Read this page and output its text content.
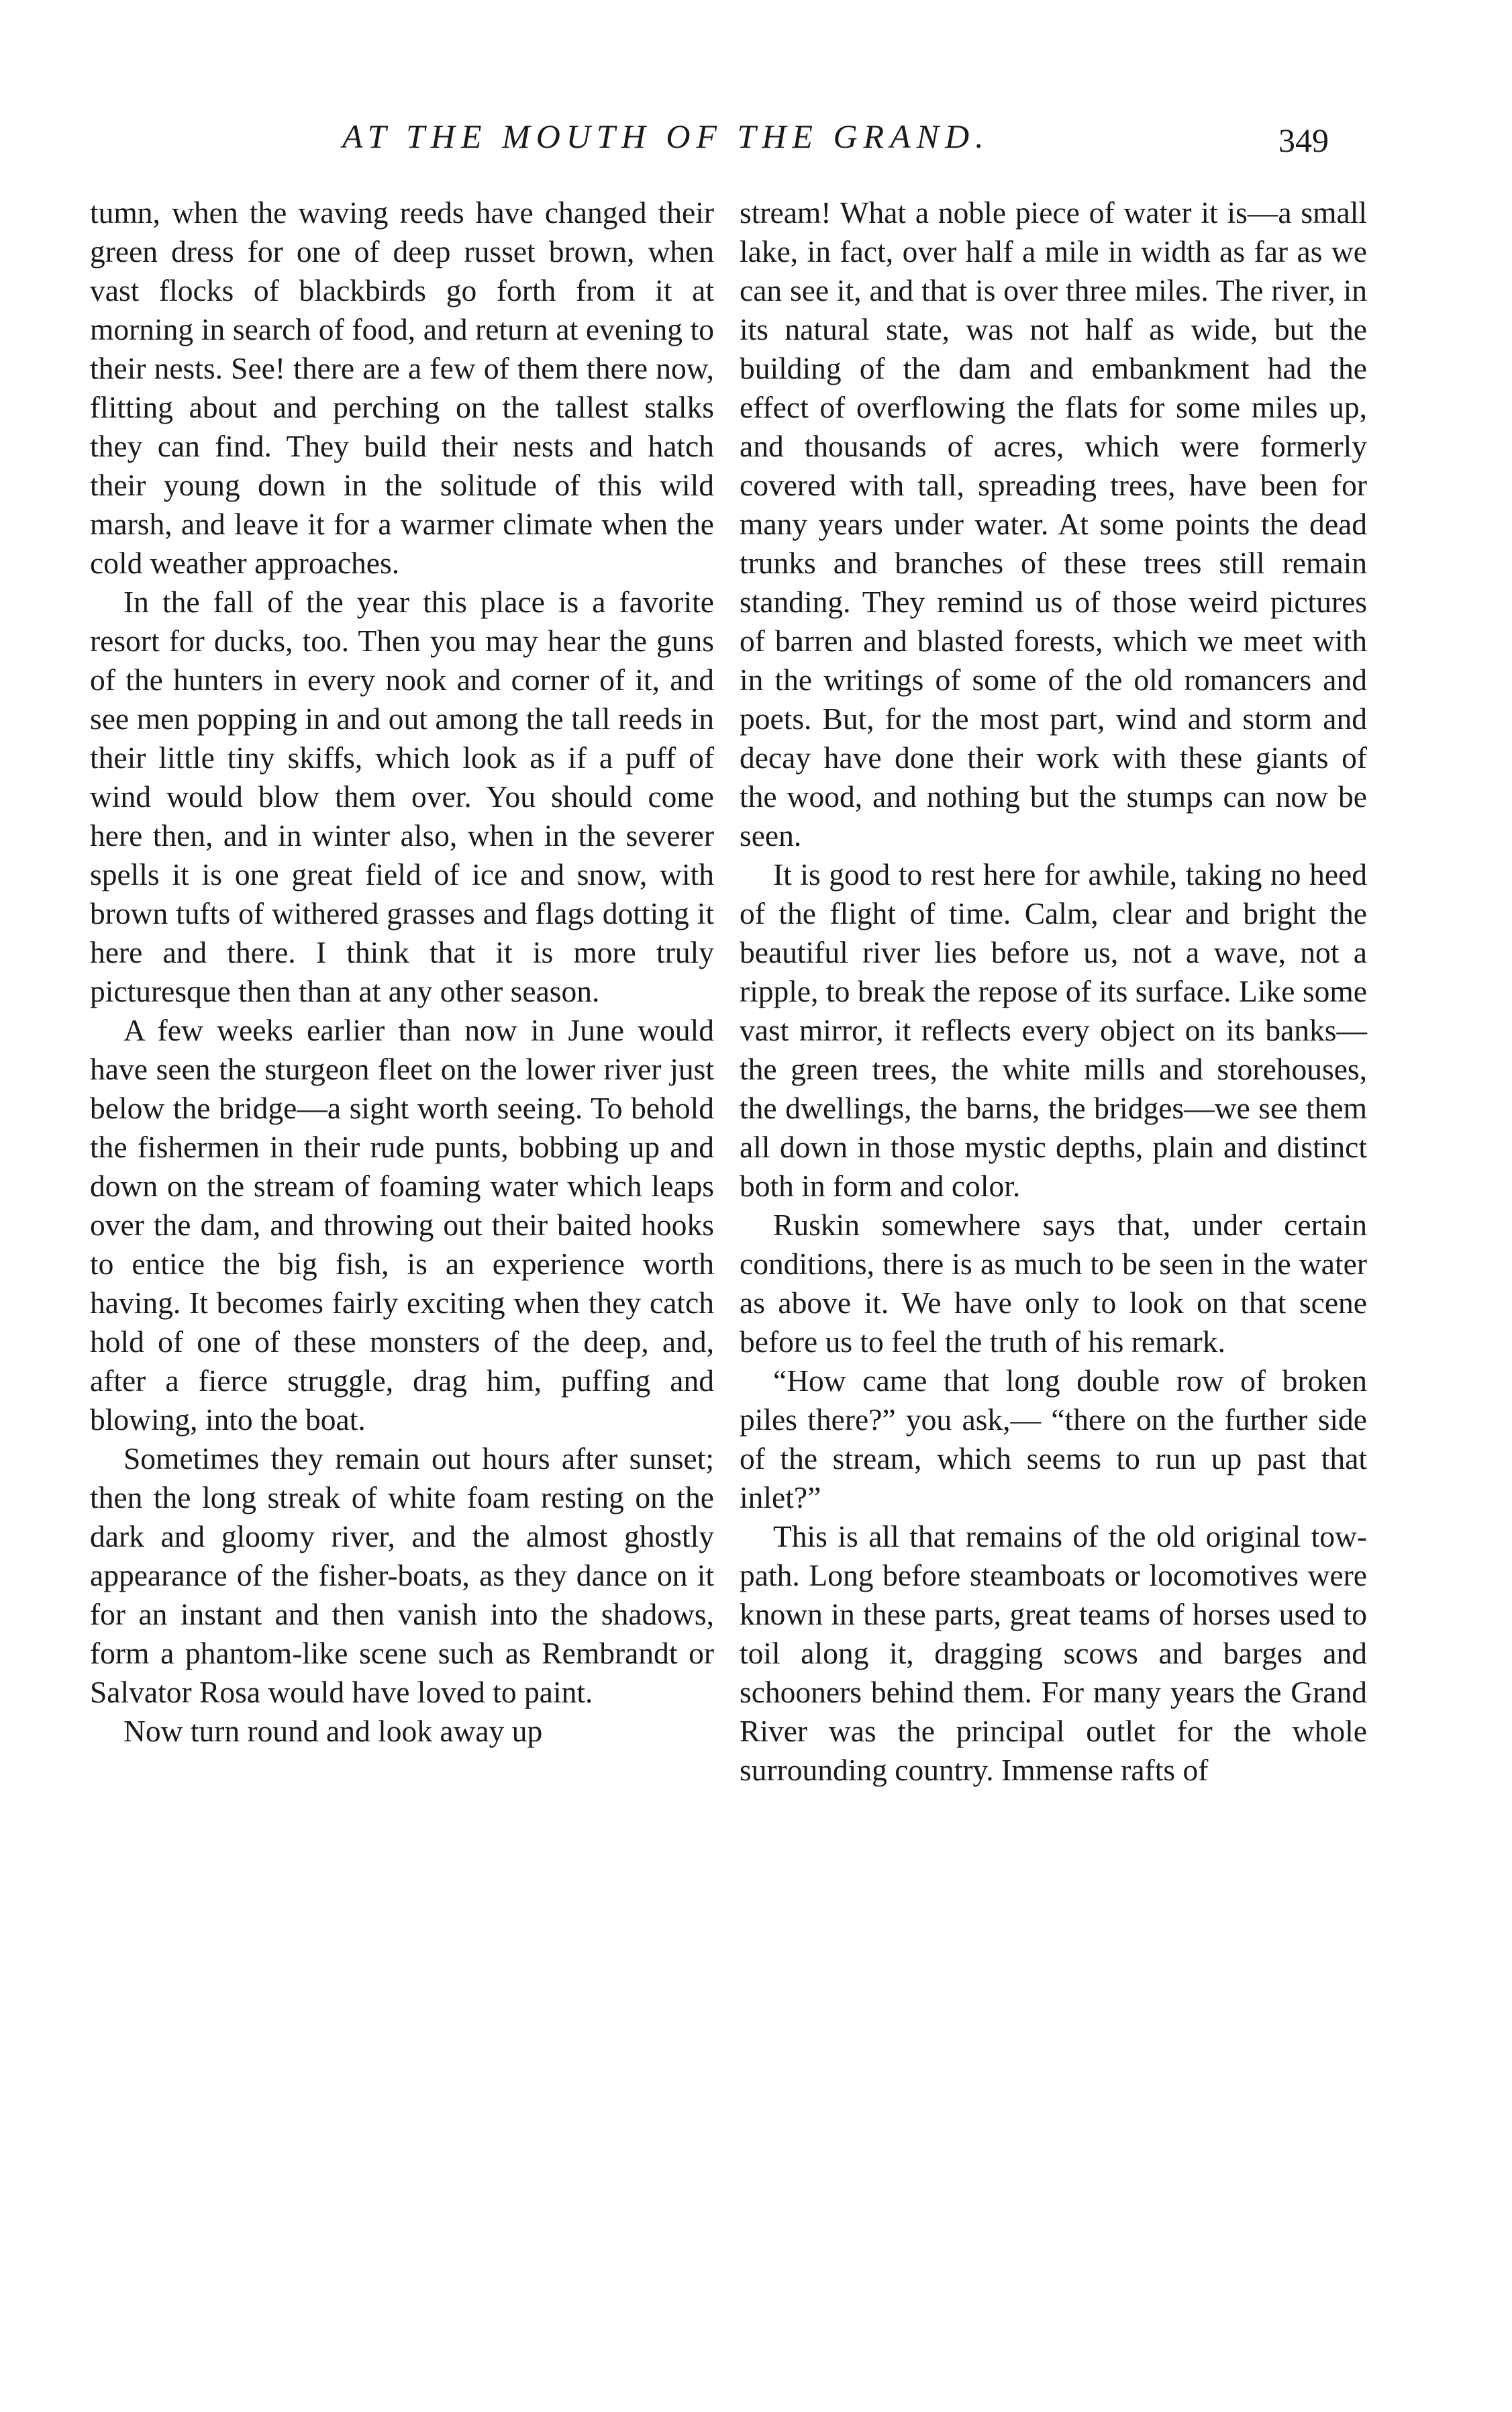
AT THE MOUTH OF THE GRAND.	349

tumn, when the waving reeds have changed their green dress for one of deep russet brown, when vast flocks of blackbirds go forth from it at morning in search of food, and return at evening to their nests. See! there are a few of them there now, flitting about and perching on the tallest stalks they can find. They build their nests and hatch their young down in the solitude of this wild marsh, and leave it for a warmer climate when the cold weather approaches.

In the fall of the year this place is a favorite resort for ducks, too. Then you may hear the guns of the hunters in every nook and corner of it, and see men popping in and out among the tall reeds in their little tiny skiffs, which look as if a puff of wind would blow them over. You should come here then, and in winter also, when in the severer spells it is one great field of ice and snow, with brown tufts of withered grasses and flags dotting it here and there. I think that it is more truly picturesque then than at any other season.

A few weeks earlier than now in June would have seen the sturgeon fleet on the lower river just below the bridge—a sight worth seeing. To behold the fishermen in their rude punts, bobbing up and down on the stream of foaming water which leaps over the dam, and throwing out their baited hooks to entice the big fish, is an experience worth having. It becomes fairly exciting when they catch hold of one of these monsters of the deep, and, after a fierce struggle, drag him, puffing and blowing, into the boat.

Sometimes they remain out hours after sunset; then the long streak of white foam resting on the dark and gloomy river, and the almost ghostly appearance of the fisher-boats, as they dance on it for an instant and then vanish into the shadows, form a phantom-like scene such as Rembrandt or Salvator Rosa would have loved to paint.

Now turn round and look away up

stream! What a noble piece of water it is—a small lake, in fact, over half a mile in width as far as we can see it, and that is over three miles. The river, in its natural state, was not half as wide, but the building of the dam and embankment had the effect of overflowing the flats for some miles up, and thousands of acres, which were formerly covered with tall, spreading trees, have been for many years under water. At some points the dead trunks and branches of these trees still remain standing. They remind us of those weird pictures of barren and blasted forests, which we meet with in the writings of some of the old romancers and poets. But, for the most part, wind and storm and decay have done their work with these giants of the wood, and nothing but the stumps can now be seen.

It is good to rest here for awhile, taking no heed of the flight of time. Calm, clear and bright the beautiful river lies before us, not a wave, not a ripple, to break the repose of its surface. Like some vast mirror, it reflects every object on its banks—the green trees, the white mills and storehouses, the dwellings, the barns, the bridges—we see them all down in those mystic depths, plain and distinct both in form and color.

Ruskin somewhere says that, under certain conditions, there is as much to be seen in the water as above it. We have only to look on that scene before us to feel the truth of his remark.

“How came that long double row of broken piles there?” you ask,— “there on the further side of the stream, which seems to run up past that inlet?”

This is all that remains of the old original tow-path. Long before steamboats or locomotives were known in these parts, great teams of horses used to toil along it, dragging scows and barges and schooners behind them. For many years the Grand River was the principal outlet for the whole surrounding country. Immense rafts of
